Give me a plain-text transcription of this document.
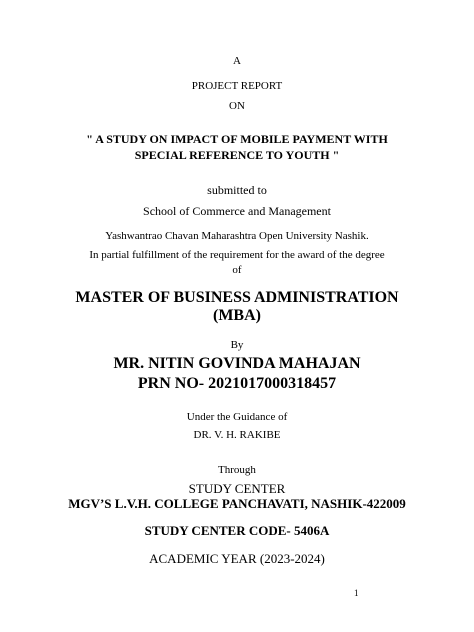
A

PROJECT REPORT

ON

" A STUDY ON IMPACT OF MOBILE PAYMENT WITH

SPECIAL REFERENCE TO YOUTH "

submitted to

School of Commerce and Management

Yashwantrao Chavan Maharashtra Open University Nashik.

In partial fulfillment of the requirement for the award of the degree

of

MASTER OF BUSINESS ADMINISTRATION

(MBA)

By

MR. NITIN GOVINDA MAHAJAN

PRN NO- 2021017000318457

Under the Guidance of

DR. V. H. RAKIBE

Through

STUDY CENTER

MGV’S L.V.H. COLLEGE PANCHAVATI, NASHIK-422009

STUDY CENTER CODE- 5406A

ACADEMIC YEAR (2023-2024)

1
